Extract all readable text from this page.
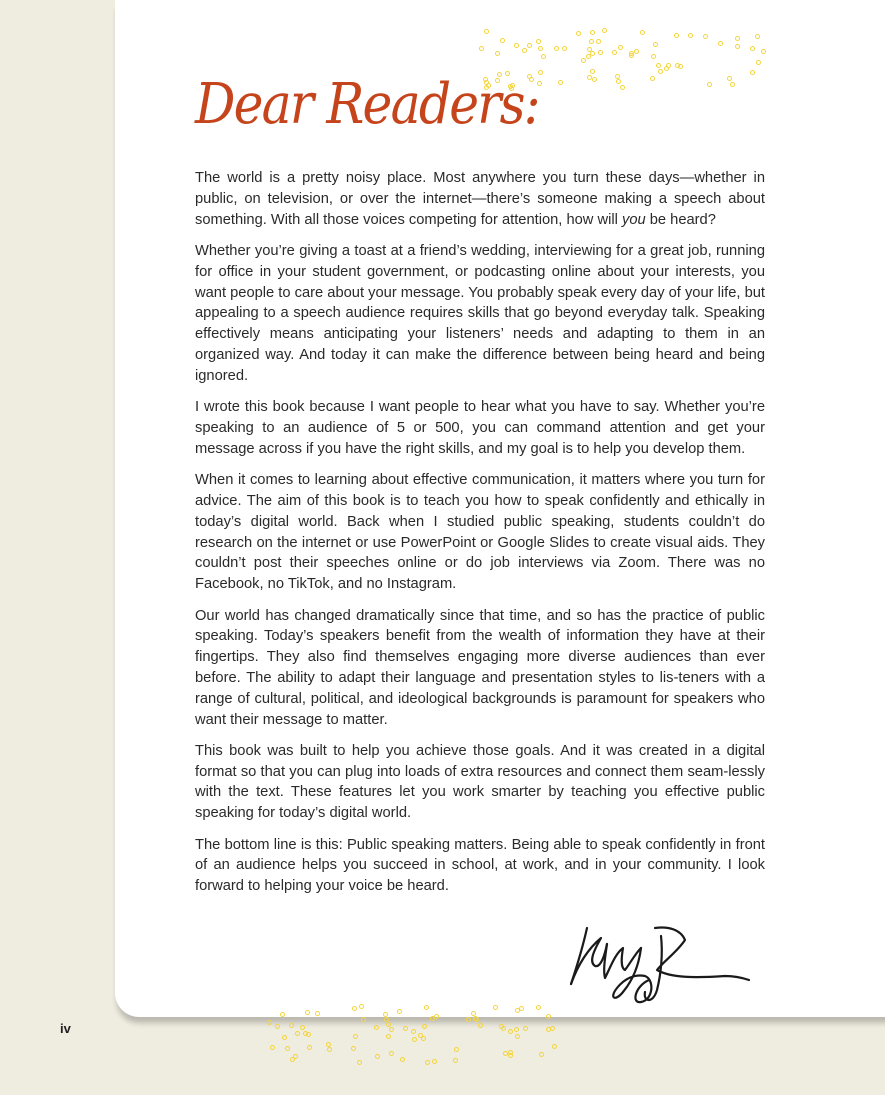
Dear Readers:

The world is a pretty noisy place. Most anywhere you turn these days—whether in public, on television, or over the internet—there’s someone making a speech about something. With all those voices competing for attention, how will you be heard?

Whether you’re giving a toast at a friend’s wedding, interviewing for a great job, running for office in your student government, or podcasting online about your interests, you want people to care about your message. You probably speak every day of your life, but appealing to a speech audience requires skills that go beyond everyday talk. Speaking effectively means anticipating your listeners’ needs and adapting to them in an organized way. And today it can make the difference between being heard and being ignored.

I wrote this book because I want people to hear what you have to say. Whether you’re speaking to an audience of 5 or 500, you can command attention and get your message across if you have the right skills, and my goal is to help you develop them.

When it comes to learning about effective communication, it matters where you turn for advice. The aim of this book is to teach you how to speak confidently and ethically in today’s digital world. Back when I studied public speaking, students couldn’t do research on the internet or use PowerPoint or Google Slides to create visual aids. They couldn’t post their speeches online or do job interviews via Zoom. There was no Facebook, no TikTok, and no Instagram.

Our world has changed dramatically since that time, and so has the practice of public speaking. Today’s speakers benefit from the wealth of information they have at their fingertips. They also find themselves engaging more diverse audiences than ever before. The ability to adapt their language and presentation styles to lis-teners with a range of cultural, political, and ideological backgrounds is paramount for speakers who want their message to matter.

This book was built to help you achieve those goals. And it was created in a digital format so that you can plug into loads of extra resources and connect them seam-lessly with the text. These features let you work smarter by teaching you effective public speaking for today’s digital world.

The bottom line is this: Public speaking matters. Being able to speak confidently in front of an audience helps you succeed in school, at work, and in your community. I look forward to helping your voice be heard.

iv
